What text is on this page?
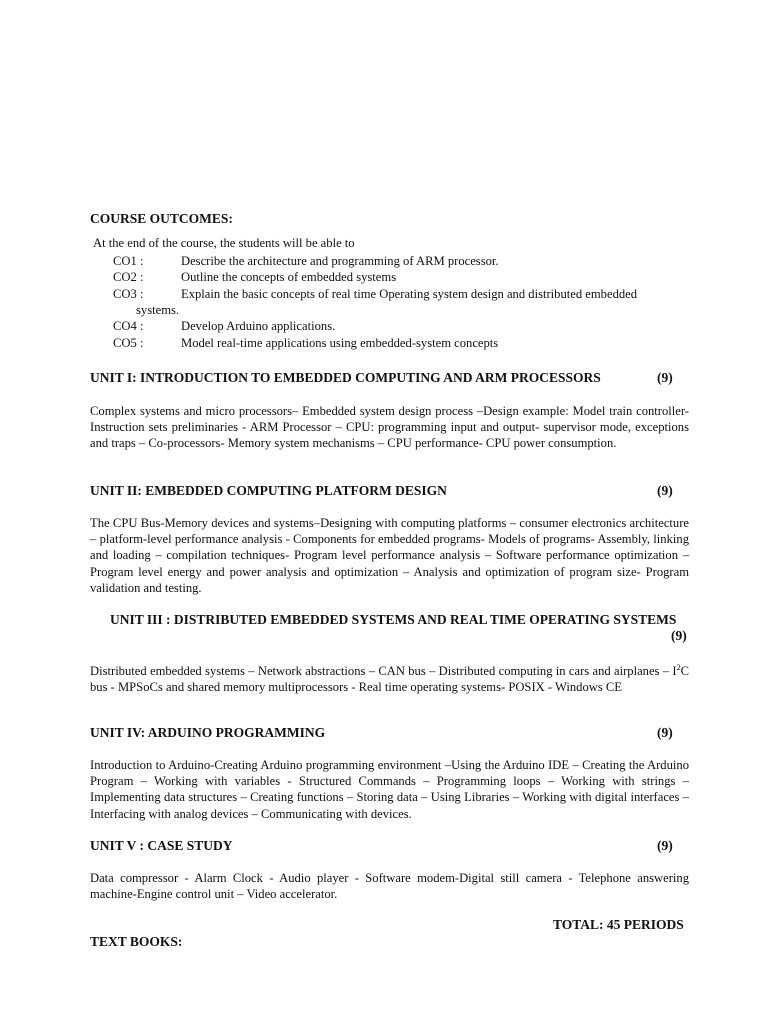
COURSE OUTCOMES:
At the end of the course, the students will be able to
CO1 :	Describe the architecture and programming of ARM processor.
CO2 :	Outline the concepts of embedded systems
CO3 :	Explain the basic concepts of real time Operating system design and distributed embedded
systems.
CO4 :	Develop Arduino applications.
CO5 :	Model real-time applications using embedded-system concepts
UNIT I: INTRODUCTION TO EMBEDDED COMPUTING AND ARM PROCESSORS	(9)

Complex systems and micro processors– Embedded system design process –Design example: Model train controller- Instruction sets preliminaries - ARM Processor – CPU: programming input and output- supervisor mode, exceptions and traps – Co-processors- Memory system mechanisms – CPU performance- CPU power consumption.

UNIT II: EMBEDDED COMPUTING PLATFORM DESIGN	(9)

The CPU Bus-Memory devices and systems–Designing with computing platforms – consumer electronics architecture – platform-level performance analysis - Components for embedded programs- Models of programs- Assembly, linking and loading – compilation techniques- Program level performance analysis – Software performance optimization – Program level energy and power analysis and optimization – Analysis and optimization of program size- Program validation and testing.

UNIT III : DISTRIBUTED EMBEDDED SYSTEMS AND REAL TIME OPERATING SYSTEMS
(9)

Distributed embedded systems – Network abstractions – CAN bus – Distributed computing in cars and airplanes – $I^2C$ bus - MPSoCs and shared memory multiprocessors - Real time operating systems- POSIX - Windows CE

UNIT IV: ARDUINO PROGRAMMING	(9)

Introduction to Arduino-Creating Arduino programming environment –Using the Arduino IDE – Creating the Arduino Program – Working with variables - Structured Commands – Programming loops – Working with strings – Implementing data structures – Creating functions – Storing data – Using Libraries – Working with digital interfaces – Interfacing with analog devices – Communicating with devices.

UNIT V : CASE STUDY	(9)

Data compressor - Alarm Clock - Audio player - Software modem-Digital still camera - Telephone answering machine-Engine control unit – Video accelerator.

TOTAL: 45 PERIODS
TEXT BOOKS:
